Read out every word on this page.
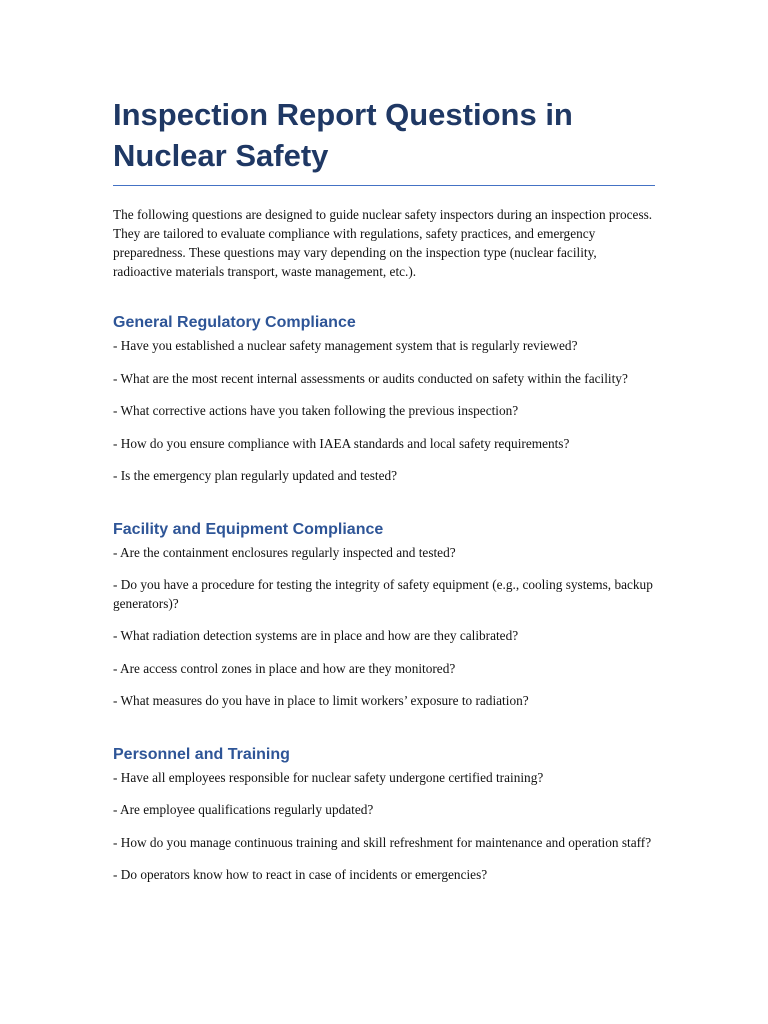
Inspection Report Questions in Nuclear Safety

The following questions are designed to guide nuclear safety inspectors during an inspection process. They are tailored to evaluate compliance with regulations, safety practices, and emergency preparedness. These questions may vary depending on the inspection type (nuclear facility, radioactive materials transport, waste management, etc.).

General Regulatory Compliance
- Have you established a nuclear safety management system that is regularly reviewed?
- What are the most recent internal assessments or audits conducted on safety within the facility?
- What corrective actions have you taken following the previous inspection?
- How do you ensure compliance with IAEA standards and local safety requirements?
- Is the emergency plan regularly updated and tested?
Facility and Equipment Compliance
- Are the containment enclosures regularly inspected and tested?
- Do you have a procedure for testing the integrity of safety equipment (e.g., cooling systems, backup generators)?
- What radiation detection systems are in place and how are they calibrated?
- Are access control zones in place and how are they monitored?
- What measures do you have in place to limit workers’ exposure to radiation?
Personnel and Training
- Have all employees responsible for nuclear safety undergone certified training?
- Are employee qualifications regularly updated?
- How do you manage continuous training and skill refreshment for maintenance and operation staff?
- Do operators know how to react in case of incidents or emergencies?
